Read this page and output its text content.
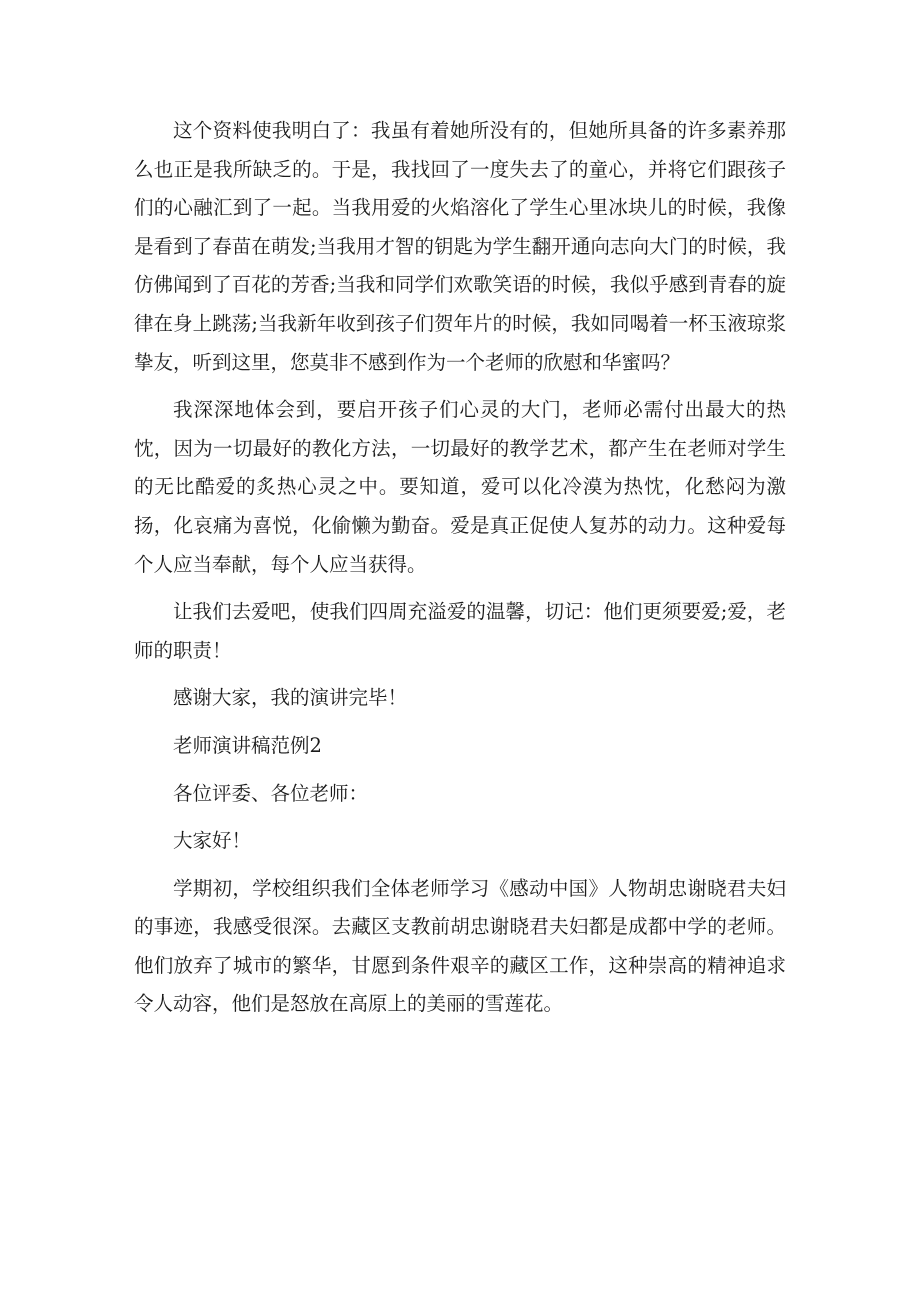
这个资料使我明白了：我虽有着她所没有的，但她所具备的许多素养那么也正是我所缺乏的。于是，我找回了一度失去了的童心，并将它们跟孩子们的心融汇到了一起。当我用爱的火焰溶化了学生心里冰块儿的时候，我像是看到了春苗在萌发;当我用才智的钥匙为学生翻开通向志向大门的时候，我仿佛闻到了百花的芳香;当我和同学们欢歌笑语的时候，我似乎感到青春的旋律在身上跳荡;当我新年收到孩子们贺年片的时候，我如同喝着一杯玉液琼浆挚友，听到这里，您莫非不感到作为一个老师的欣慰和华蜜吗？

我深深地体会到，要启开孩子们心灵的大门，老师必需付出最大的热忱，因为一切最好的教化方法，一切最好的教学艺术，都产生在老师对学生的无比酷爱的炙热心灵之中。要知道，爱可以化冷漠为热忱，化愁闷为激扬，化哀痛为喜悦，化偷懒为勤奋。爱是真正促使人复苏的动力。这种爱每个人应当奉献，每个人应当获得。

让我们去爱吧，使我们四周充溢爱的温馨，切记：他们更须要爱;爱，老师的职责！

感谢大家，我的演讲完毕！

老师演讲稿范例2

各位评委、各位老师：

大家好！

学期初，学校组织我们全体老师学习《感动中国》人物胡忠谢晓君夫妇的事迹，我感受很深。去藏区支教前胡忠谢晓君夫妇都是成都中学的老师。他们放弃了城市的繁华，甘愿到条件艰辛的藏区工作，这种崇高的精神追求令人动容，他们是怒放在高原上的美丽的雪莲花。
